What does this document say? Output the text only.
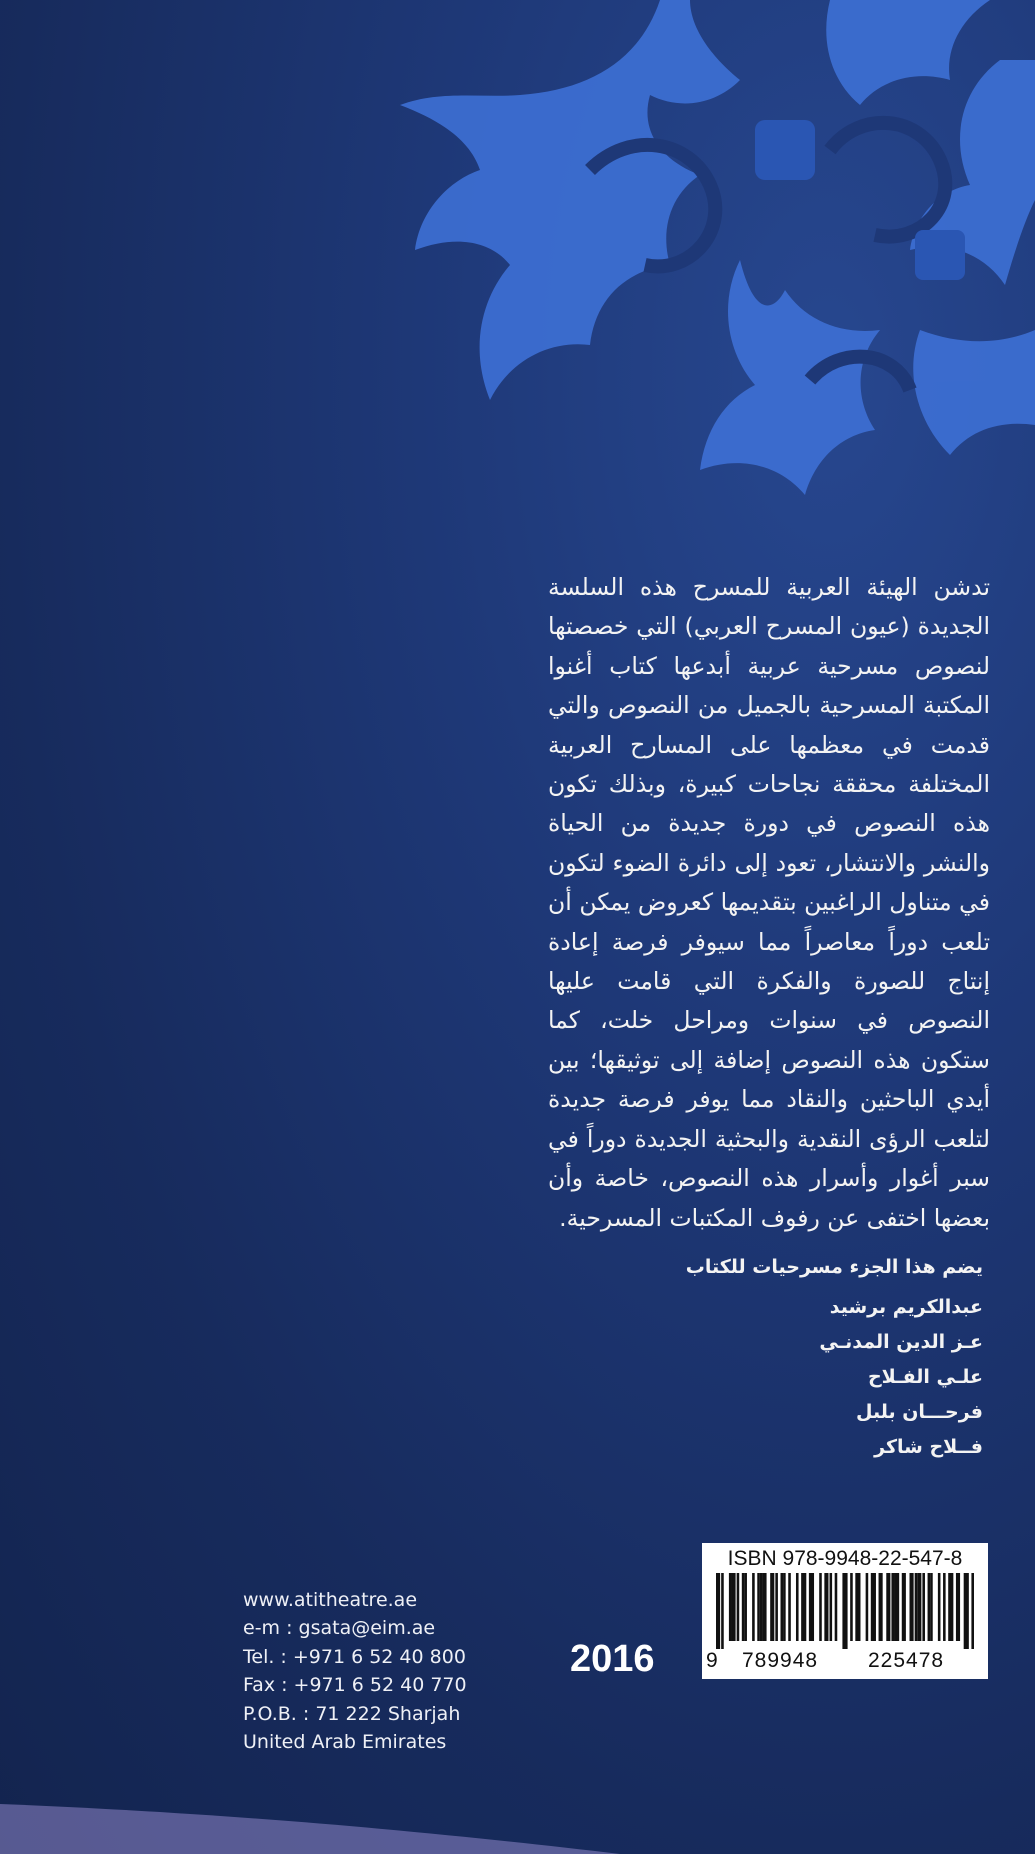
تدشن الهيئة العربية للمسرح هذه السلسة الجديدة (عيون المسرح العربي) التي خصصتها لنصوص مسرحية عربية أبدعها كتاب أغنوا المكتبة المسرحية بالجميل من النصوص والتي قدمت في معظمها على المسارح العربية المختلفة محققة نجاحات كبيرة، وبذلك تكون هذه النصوص في دورة جديدة من الحياة والنشر والانتشار، تعود إلى دائرة الضوء لتكون في متناول الراغبين بتقديمها كعروض يمكن أن تلعب دوراً معاصراً مما سيوفر فرصة إعادة إنتاج للصورة والفكرة التي قامت عليها النصوص في سنوات ومراحل خلت، كما ستكون هذه النصوص إضافة إلى توثيقها؛ بين أيدي الباحثين والنقاد مما يوفر فرصة جديدة لتلعب الرؤى النقدية والبحثية الجديدة دوراً في سبر أغوار وأسرار هذه النصوص، خاصة وأن بعضها اختفى عن رفوف المكتبات المسرحية.
يضم هذا الجزء مسرحيات للكتاب
عبدالكريم برشيد
عـز الدين المدنـي
علـي الفـلاح
فرحـــان بلبل
فــلاح شاكر
ISBN 978-9948-22-547-8
9 789948 225478
2016
www.atitheatre.ae
e-m : gsata@eim.ae
Tel. : +971 6 52 40 800
Fax : +971 6 52 40 770
P.O.B. : 71 222 Sharjah
United Arab Emirates
